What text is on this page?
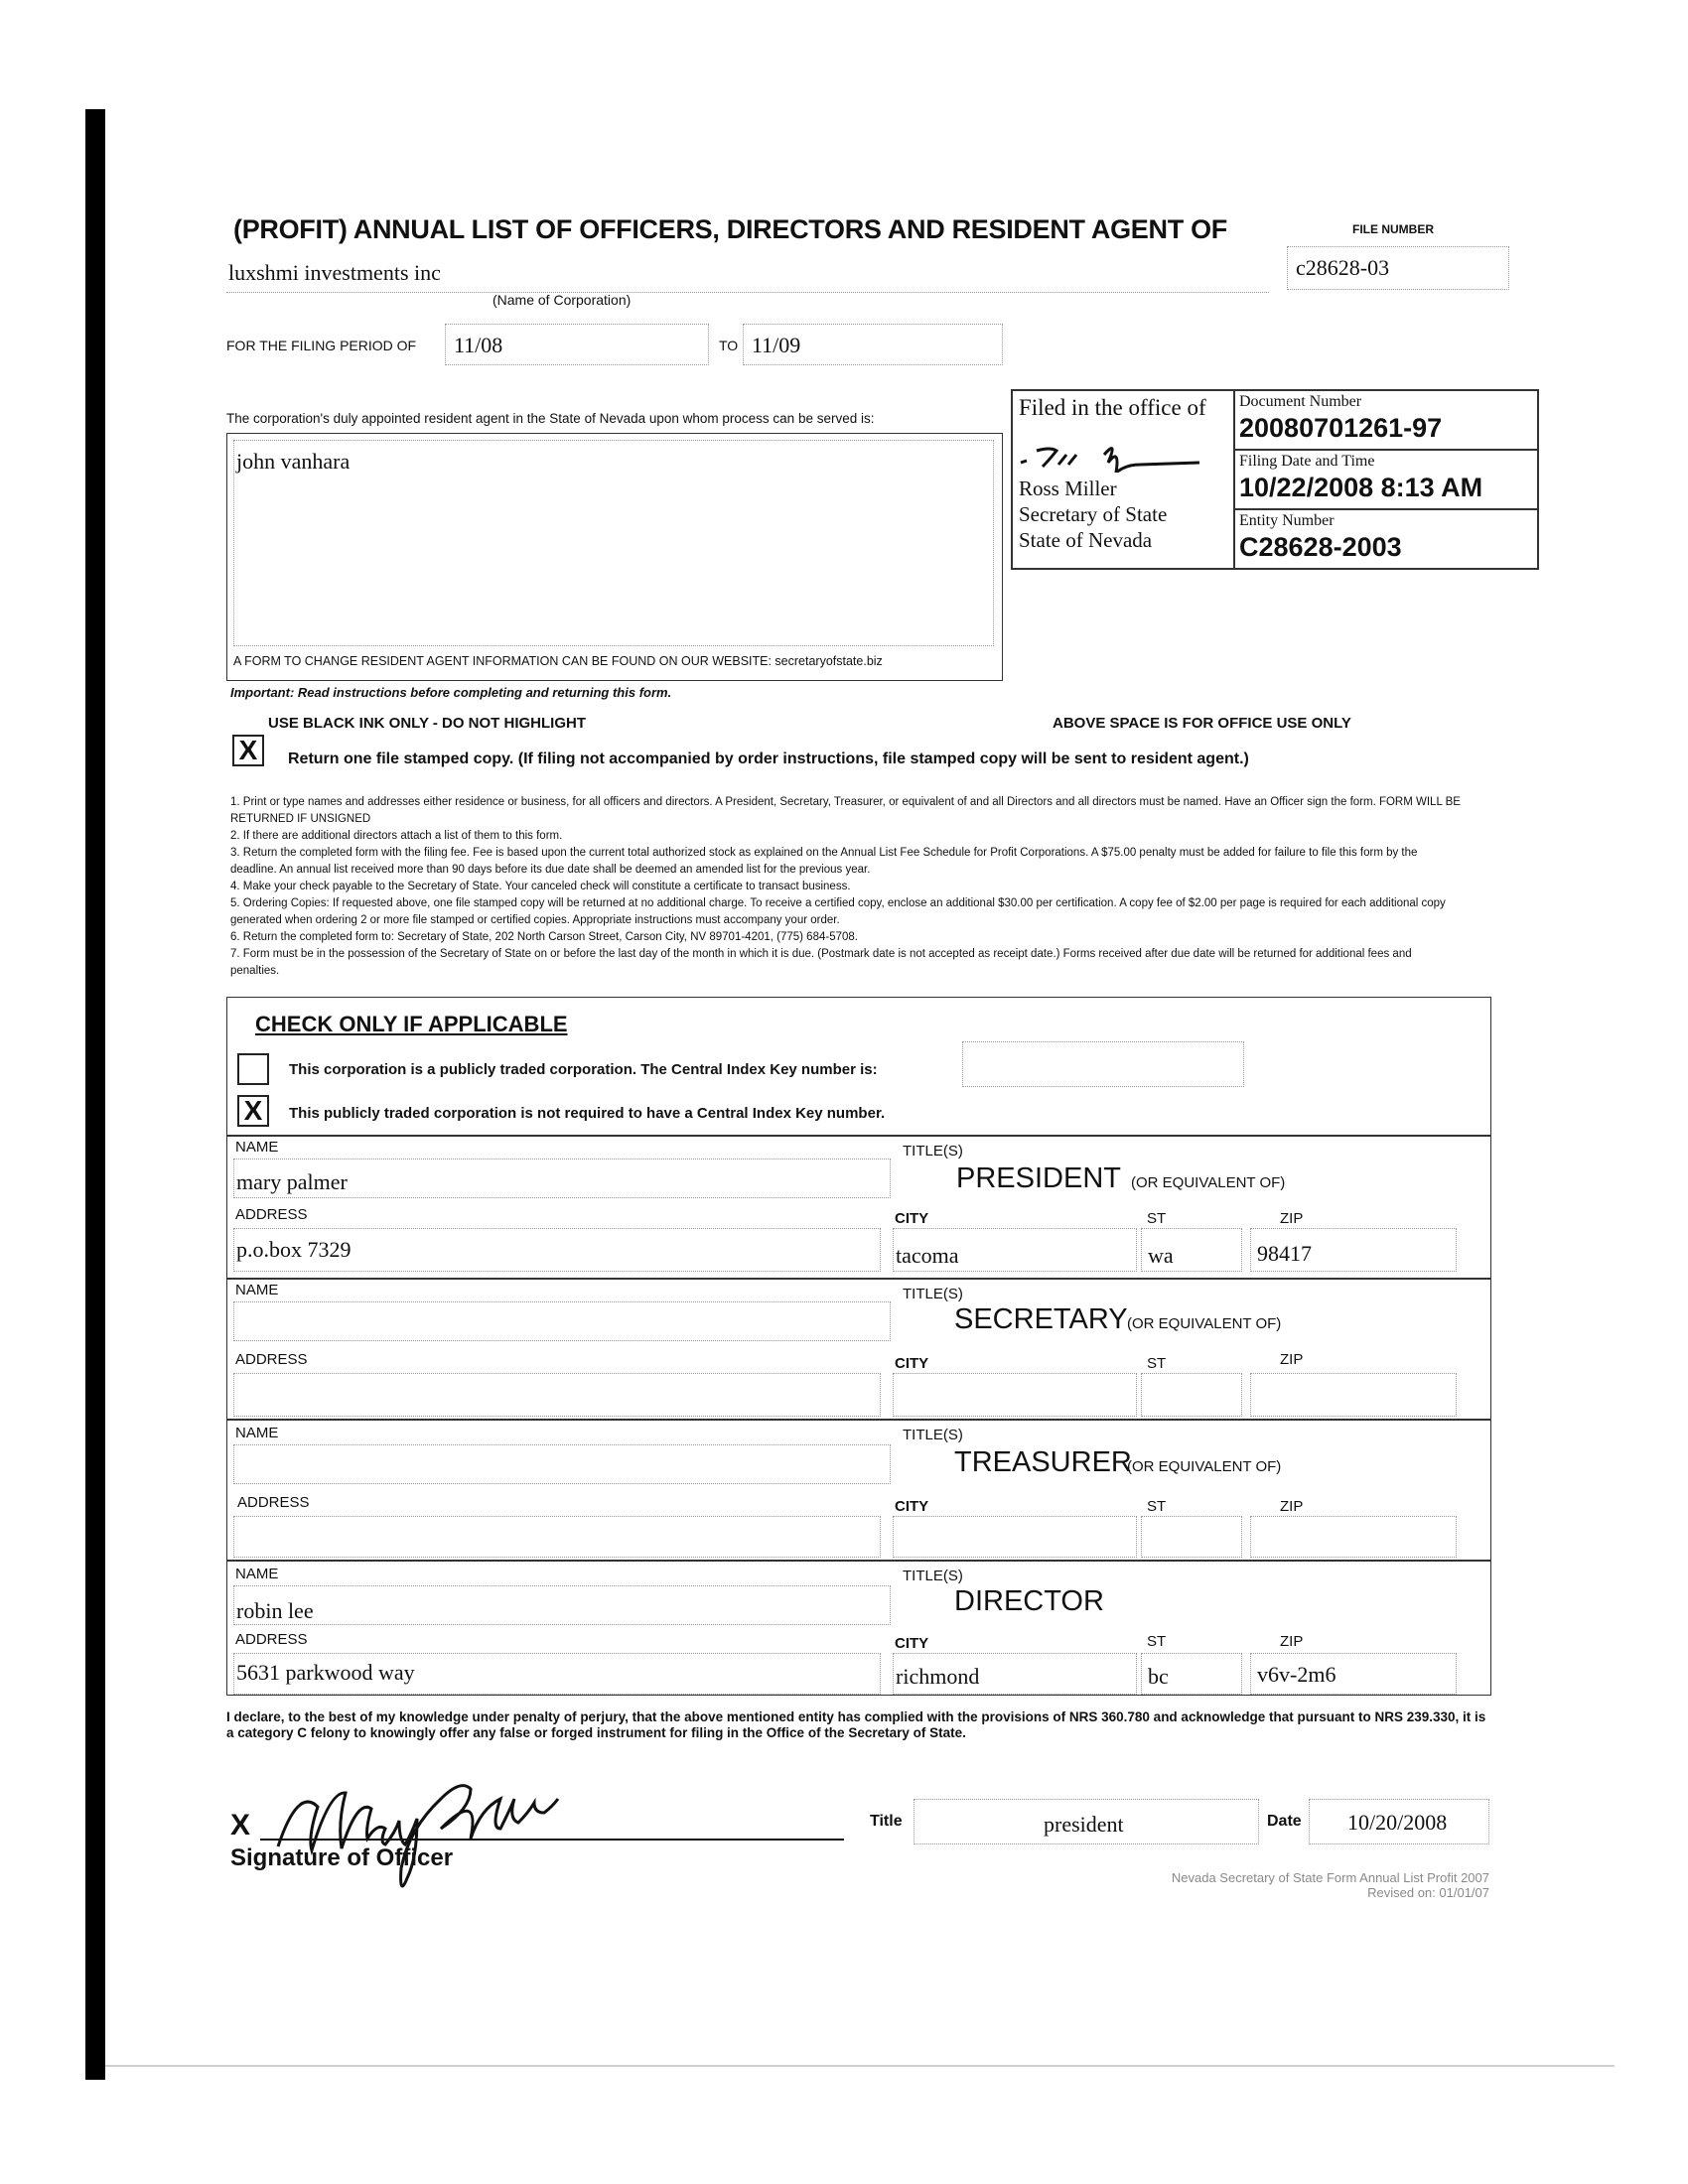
(PROFIT) ANNUAL LIST OF OFFICERS, DIRECTORS AND RESIDENT AGENT OF	FILE NUMBER
c28628-03
luxshmi investments inc
(Name of Corporation)
FOR THE FILING PERIOD OF 11/08	TO 11/09
The corporation's duly appointed resident agent in the State of Nevada upon whom process can be served is:
john vanhara
A FORM TO CHANGE RESIDENT AGENT INFORMATION CAN BE FOUND ON OUR WEBSITE: secretaryofstate.biz
Filed in the office of
Ross Miller
Secretary of State
State of Nevada
Document Number
20080701261-97
Filing Date and Time
10/22/2008 8:13 AM
Entity Number
C28628-2003
Important: Read instructions before completing and returning this form.
USE BLACK INK ONLY - DO NOT HIGHLIGHT	ABOVE SPACE IS FOR OFFICE USE ONLY
X	Return one file stamped copy. (If filing not accompanied by order instructions, file stamped copy will be sent to resident agent.)

1. Print or type names and addresses either residence or business, for all officers and directors. A President, Secretary, Treasurer, or equivalent of and all Directors and all directors must be named. Have an Officer sign the form. FORM WILL BE RETURNED IF UNSIGNED

2. If there are additional directors attach a list of them to this form.

3. Return the completed form with the filing fee. Fee is based upon the current total authorized stock as explained on the Annual List Fee Schedule for Profit Corporations. A $75.00 penalty must be added for failure to file this form by the deadline. An annual list received more than 90 days before its due date shall be deemed an amended list for the previous year.

4. Make your check payable to the Secretary of State. Your canceled check will constitute a certificate to transact business.

5. Ordering Copies: If requested above, one file stamped copy will be returned at no additional charge. To receive a certified copy, enclose an additional $30.00 per certification. A copy fee of $2.00 per page is required for each additional copy generated when ordering 2 or more file stamped or certified copies. Appropriate instructions must accompany your order.

6. Return the completed form to: Secretary of State, 202 North Carson Street, Carson City, NV 89701-4201, (775) 684-5708.

7. Form must be in the possession of the Secretary of State on or before the last day of the month in which it is due. (Postmark date is not accepted as receipt date.) Forms received after due date will be returned for additional fees and penalties.

CHECK ONLY IF APPLICABLE
This corporation is a publicly traded corporation. The Central Index Key number is:
X	This publicly traded corporation is not required to have a Central Index Key number.
NAME	TITLE(S)
mary palmer	PRESIDENT (OR EQUIVALENT OF)
ADDRESS	CITY	ST	ZIP
p.o.box 7329	tacoma	wa	98417
NAME	TITLE(S)
SECRETARY (OR EQUIVALENT OF)
ADDRESS	CITY	ST	ZIP
NAME	TITLE(S)
TREASURER
(OR EQUIVALENT OF)
ADDRESS	CITY	ST	ZIP
NAME	TITLE(S)
robin lee	DIRECTOR
ADDRESS	CITY	ST	ZIP
5631 parkwood way	richmond	bc	v6v-2m6
I declare, to the best of my knowledge under penalty of perjury, that the above mentioned entity has complied with the provisions of NRS 360.780 and acknowledge that pursuant to NRS 239.330, it is a category C felony to knowingly offer any false or forged instrument for filing in the Office of the Secretary of State.
X
Signature of Officer
Title	president	Date 10/20/2008
Nevada Secretary of State Form Annual List Profit 2007
Revised on: 01/01/07
